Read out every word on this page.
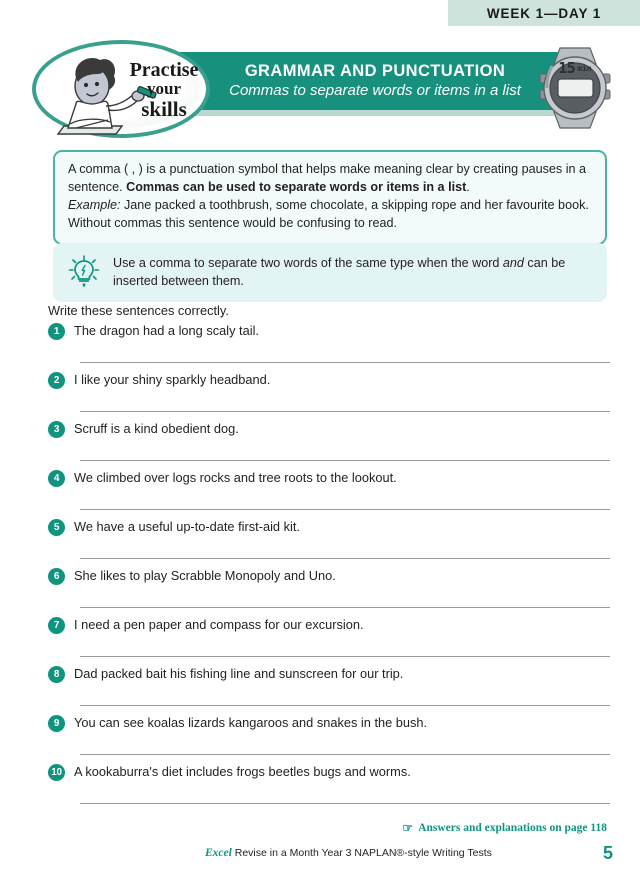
WEEK 1—DAY 1
GRAMMAR AND PUNCTUATION
Commas to separate words or items in a list
Practise
your
skills
15 min
A comma ( , ) is a punctuation symbol that helps make meaning clear by creating pauses in a sentence. Commas can be used to separate words or items in a list.
Example: Jane packed a toothbrush, some chocolate, a skipping rope and her favourite book.
Without commas this sentence would be confusing to read.
Use a comma to separate two words of the same type when the word and can be inserted between them.
Write these sentences correctly.
1	The dragon had a long scaly tail.
2	I like your shiny sparkly headband.
3	Scruff is a kind obedient dog.
4	We climbed over logs rocks and tree roots to the lookout.
5	We have a useful up-to-date first-aid kit.
6	She likes to play Scrabble Monopoly and Uno.
7	I need a pen paper and compass for our excursion.
8	Dad packed bait his fishing line and sunscreen for our trip.
9	You can see koalas lizards kangaroos and snakes in the bush.
10 A kookaburra's diet includes frogs beetles bugs and worms.
☞ Answers and explanations on page 118
Excel Revise in a Month Year 3 NAPLAN®-style Writing Tests	5
